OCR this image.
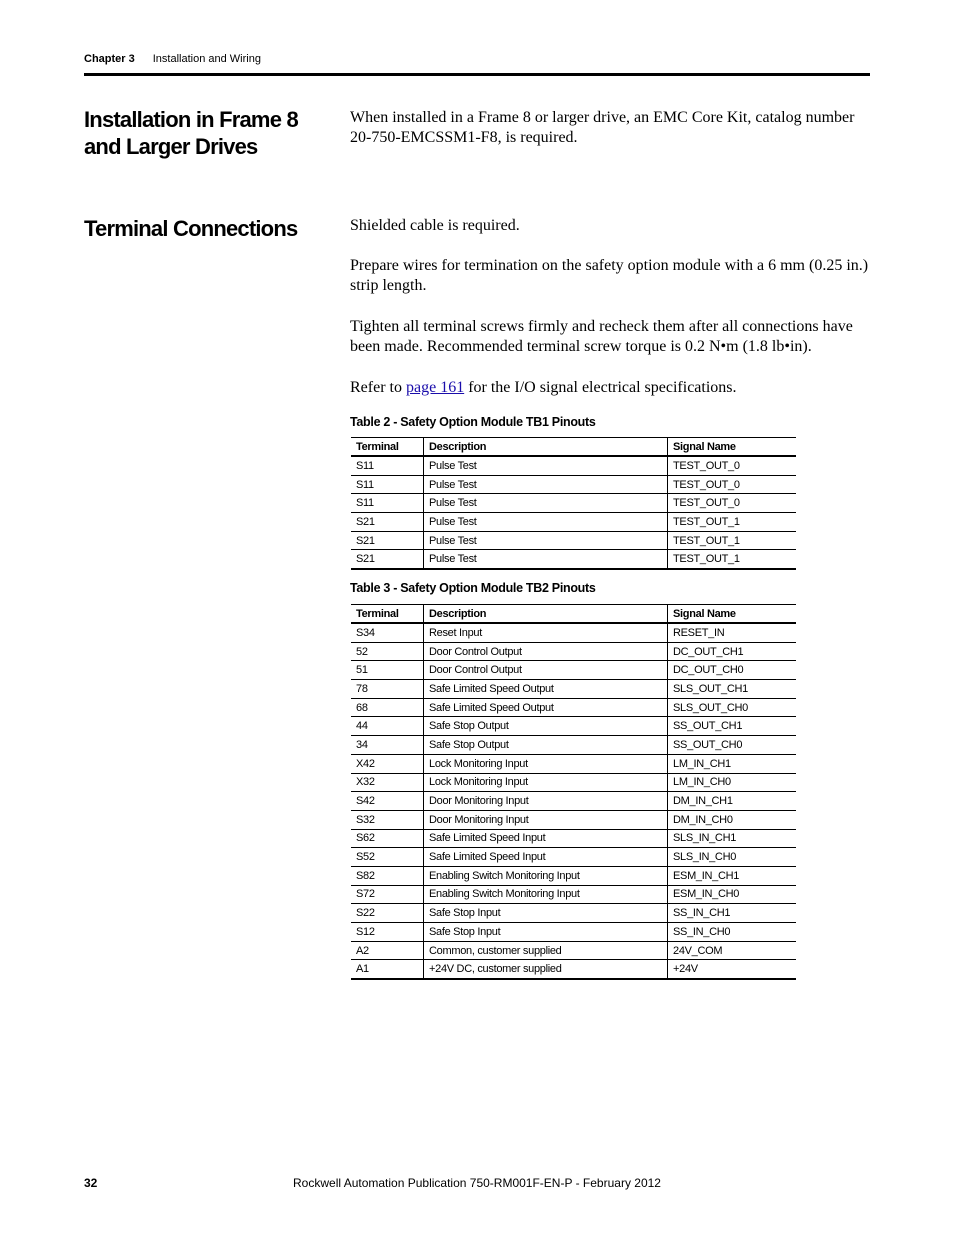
Chapter 3 Installation and Wiring
Installation in Frame 8 and Larger Drives
When installed in a Frame 8 or larger drive, an EMC Core Kit, catalog number 20-750-EMCSSM1-F8, is required.
Terminal Connections	Shielded cable is required.
Prepare wires for termination on the safety option module with a 6 mm (0.25 in.) strip length.
Tighten all terminal screws firmly and recheck them after all connections have been made. Recommended terminal screw torque is 0.2 N•m (1.8 lb•in).
Refer to page 161 for the I/O signal electrical specifications.
Table 2 - Safety Option Module TB1 Pinouts
Terminal	Description	Signal Name
S11	Pulse Test	TEST_OUT_0
S11	Pulse Test	TEST_OUT_0
S11	Pulse Test	TEST_OUT_0
S21	Pulse Test	TEST_OUT_1
S21	Pulse Test	TEST_OUT_1
S21	Pulse Test	TEST_OUT_1
Table 3 - Safety Option Module TB2 Pinouts
Terminal	Description	Signal Name
S34	Reset Input	RESET_IN
52	Door Control Output	DC_OUT_CH1
51	Door Control Output	DC_OUT_CH0
78	Safe Limited Speed Output	SLS_OUT_CH1
68	Safe Limited Speed Output	SLS_OUT_CH0
44	Safe Stop Output	SS_OUT_CH1
34	Safe Stop Output	SS_OUT_CH0
X42	Lock Monitoring Input	LM_IN_CH1
X32	Lock Monitoring Input	LM_IN_CH0
S42	Door Monitoring Input	DM_IN_CH1
S32	Door Monitoring Input	DM_IN_CH0
S62	Safe Limited Speed Input	SLS_IN_CH1
S52	Safe Limited Speed Input	SLS_IN_CH0
S82	Enabling Switch Monitoring Input	ESM_IN_CH1
S72	Enabling Switch Monitoring Input	ESM_IN_CH0
S22	Safe Stop Input	SS_IN_CH1
S12	Safe Stop Input	SS_IN_CH0
A2	Common, customer supplied	24V_COM
A1	+24V DC, customer supplied	+24V
32	Rockwell Automation Publication 750-RM001F-EN-P - February 2012
